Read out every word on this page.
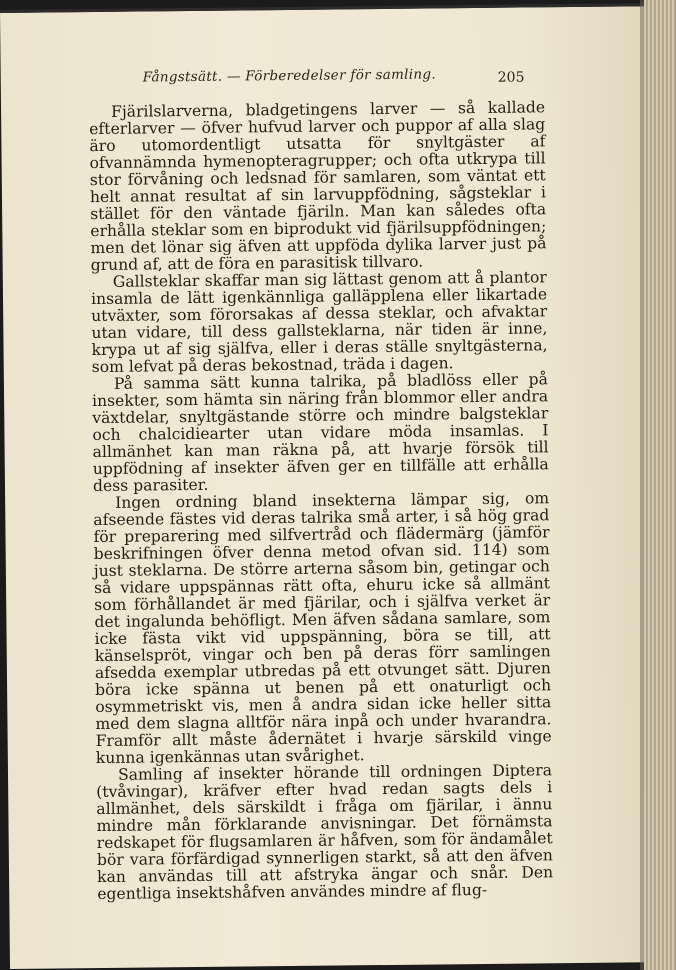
Fångstsätt. — Förberedelser för samling.	205

Fjärilslarverna, bladgetingens larver — så kallade efterlarver — öfver hufvud larver och puppor af alla slag äro utomordentligt utsatta för snyltgäster af ofvannämnda hymenopteragrupper; och ofta utkrypa till stor förvåning och ledsnad för samlaren, som väntat ett helt annat resultat af sin larvuppfödning, sågsteklar i stället för den väntade fjäriln. Man kan således ofta erhålla steklar som en biprodukt vid fjärilsuppfödningen; men det lönar sig äfven att uppföda dylika larver just på grund af, att de föra en parasitisk tillvaro.

Gallsteklar skaffar man sig lättast genom att å plantor insamla de lätt igenkännliga galläpplena eller likartade utväxter, som förorsakas af dessa steklar, och afvaktar utan vidare, till dess gallsteklarna, när tiden är inne, krypa ut af sig själfva, eller i deras ställe snyltgästerna, som lefvat på deras bekostnad, träda i dagen.

På samma sätt kunna talrika, på bladlöss eller på insekter, som hämta sin näring från blommor eller andra växtdelar, snyltgästande större och mindre balgsteklar och chalcidiearter utan vidare möda insamlas. I allmänhet kan man räkna på, att hvarje försök till uppfödning af insekter äfven ger en tillfälle att erhålla dess parasiter.

Ingen ordning bland insekterna lämpar sig, om afseende fästes vid deras talrika små arter, i så hög grad för preparering med silfvertråd och flädermärg (jämför beskrifningen öfver denna metod ofvan sid. 114) som just steklarna. De större arterna såsom bin, getingar och så vidare uppspännas rätt ofta, ehuru icke så allmänt som förhållandet är med fjärilar, och i själfva verket är det ingalunda behöfligt. Men äfven sådana samlare, som icke fästa vikt vid uppspänning, böra se till, att känselspröt, vingar och ben på deras förr samlingen afsedda exemplar utbredas på ett otvunget sätt. Djuren böra icke spänna ut benen på ett onaturligt och osymmetriskt vis, men å andra sidan icke heller sitta med dem slagna alltför nära inpå och under hvarandra. Framför allt måste ådernätet i hvarje särskild vinge kunna igenkännas utan svårighet.

Samling af insekter hörande till ordningen Diptera (tvåvingar), kräfver efter hvad redan sagts dels i allmänhet, dels särskildt i fråga om fjärilar, i ännu mindre mån förklarande anvisningar. Det förnämsta redskapet för flugsamlaren är håfven, som för ändamålet bör vara förfärdigad synnerligen starkt, så att den äfven kan användas till att afstryka ängar och snår. Den egentliga insektshåfven användes mindre af flug-
